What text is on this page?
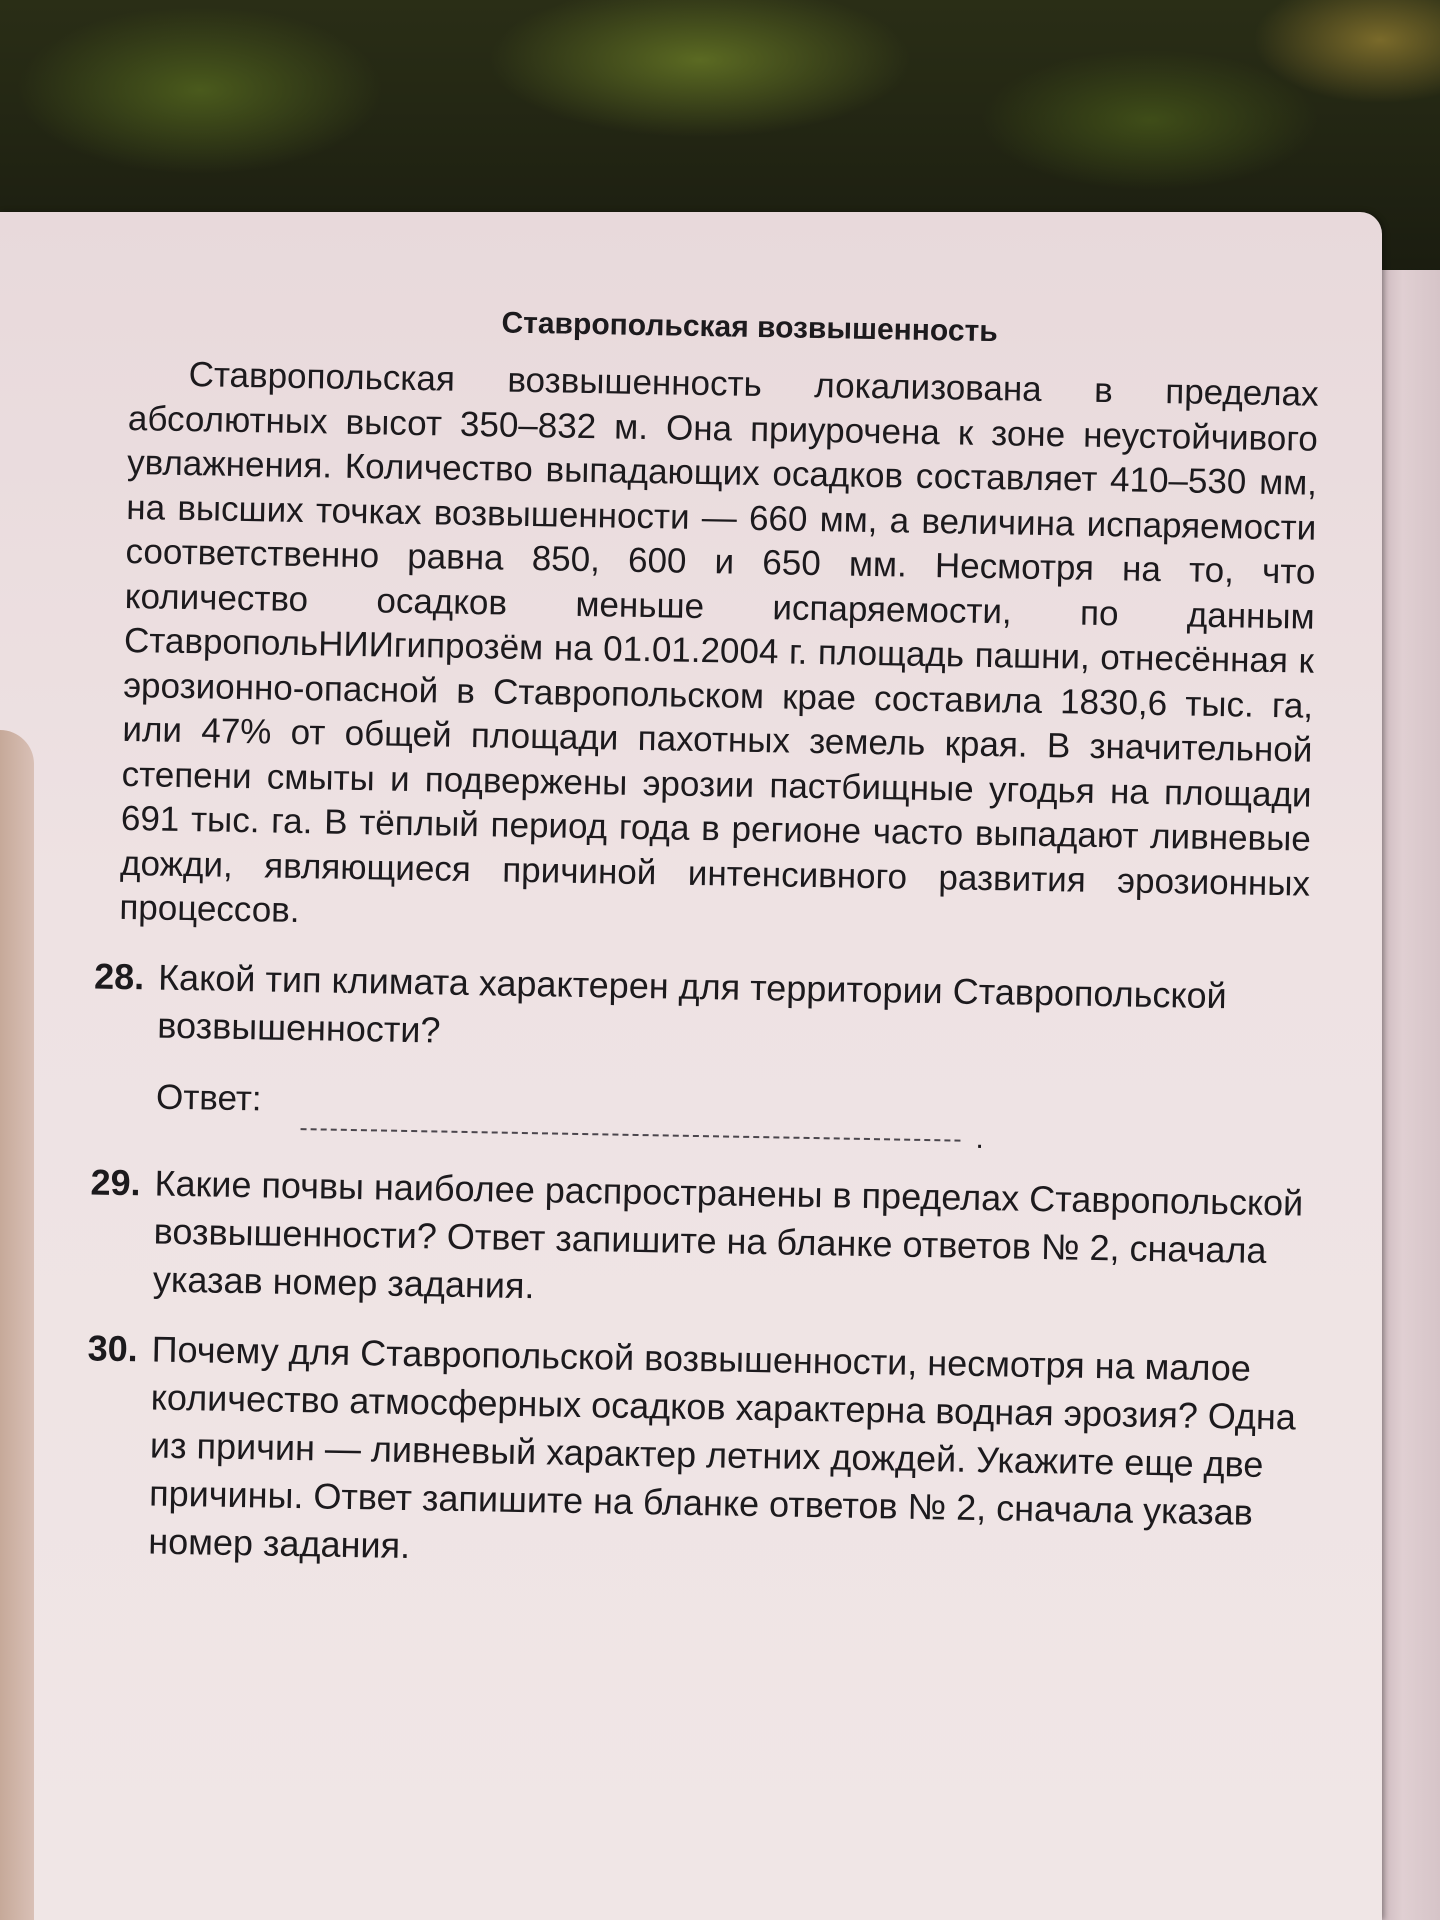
Ставропольская возвышенность

Ставропольская возвышенность локализована в пределах абсолютных высот 350–832 м. Она приурочена к зоне неустойчивого увлажнения. Количество выпадающих осадков составляет 410–530 мм, на высших точках возвышенности — 660 мм, а величина испаряемости соответственно равна 850, 600 и 650 мм. Несмотря на то, что количество осадков меньше испаряемости, по данным СтавропольНИИгипрозём на 01.01.2004 г. площадь пашни, отнесённая к эрозионно-опасной в Ставропольском крае составила 1830,6 тыс. га, или 47% от общей площади пахотных земель края. В значительной степени смыты и подвержены эрозии пастбищные угодья на площади 691 тыс. га. В тёплый период года в регионе часто выпадают ливневые дожди, являющиеся причиной интенсивного развития эрозионных процессов.

28. Какой тип климата характерен для территории Ставропольской возвышенности?
Ответ:
.
29. Какие почвы наиболее распространены в пределах Ставропольской возвышенности? Ответ запишите на бланке ответов № 2, сначала указав номер задания.
30. Почему для Ставропольской возвышенности, несмотря на малое количество атмосферных осадков характерна водная эрозия? Одна из причин — ливневый характер летних дождей. Укажите еще две причины. Ответ запишите на бланке ответов № 2, сначала указав номер задания.
